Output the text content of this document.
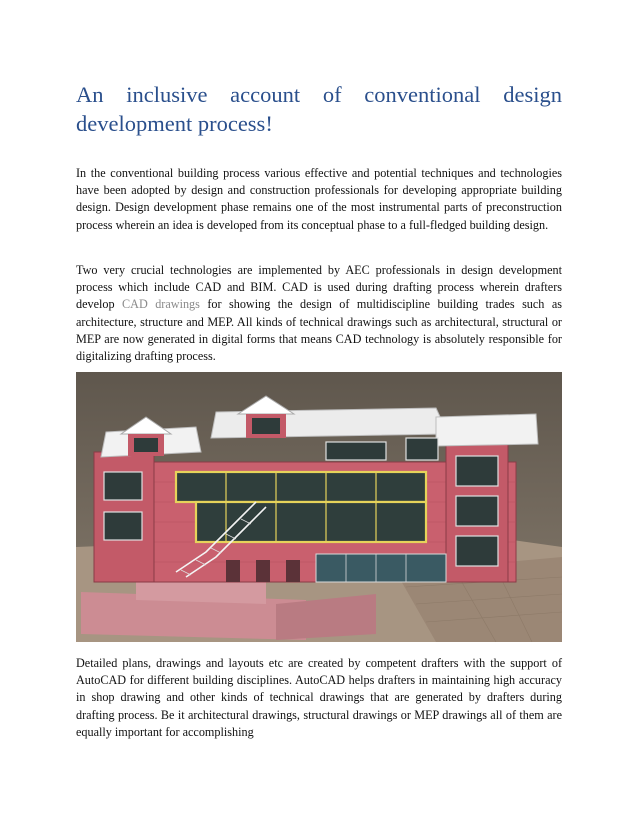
An inclusive account of conventional design development process!

In the conventional building process various effective and potential techniques and technologies have been adopted by design and construction professionals for developing appropriate building design. Design development phase remains one of the most instrumental parts of preconstruction process wherein an idea is developed from its conceptual phase to a full-fledged building design.

Two very crucial technologies are implemented by AEC professionals in design development process which include CAD and BIM. CAD is used during drafting process wherein drafters develop CAD drawings for showing the design of multidiscipline building trades such as architecture, structure and MEP. All kinds of technical drawings such as architectural, structural or MEP are now generated in digital forms that means CAD technology is absolutely responsible for digitalizing drafting process.

Detailed plans, drawings and layouts etc are created by competent drafters with the support of AutoCAD for different building disciplines. AutoCAD helps drafters in maintaining high accuracy in shop drawing and other kinds of technical drawings that are generated by drafters during drafting process. Be it architectural drawings, structural drawings or MEP drawings all of them are equally important for accomplishing
